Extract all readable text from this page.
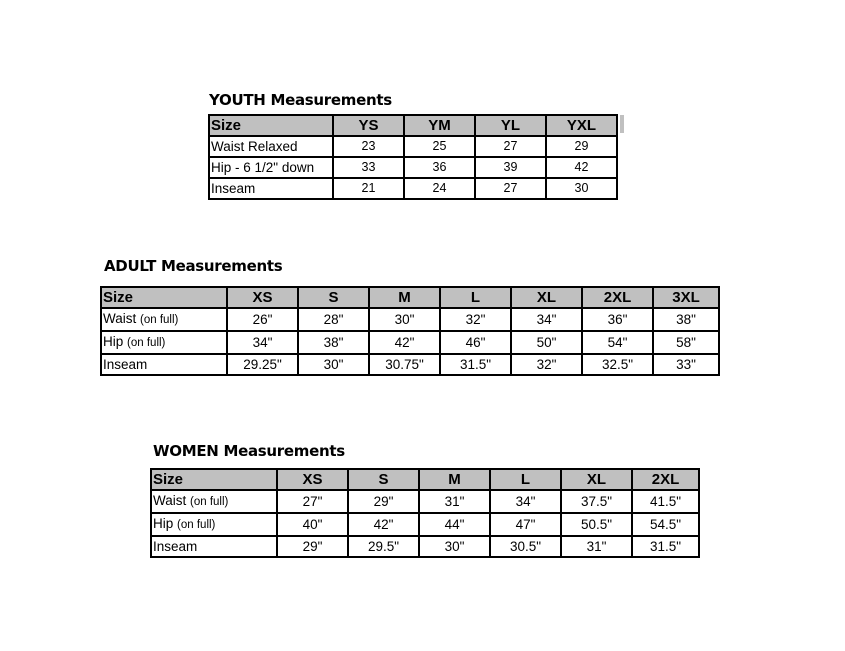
YOUTH Measurements
Size	YS	YM	YL	YXL
Waist Relaxed	23	25	27	29
Hip - 6 1/2" down	33	36	39	42
Inseam	21	24	27	30
ADULT Measurements
Size	XS	S	M	L	XL	2XL	3XL
Waist (on full)	26"	28"	30"	32"	34"	36"	38"
Hip (on full)	34"	38"	42"	46"	50"	54"	58"
Inseam	29.25"	30"	30.75"	31.5"	32"	32.5"	33"
WOMEN Measurements
Size	XS	S	M	L	XL	2XL
Waist (on full)	27"	29"	31"	34"	37.5"	41.5"
Hip (on full)	40"	42"	44"	47"	50.5"	54.5"
Inseam	29"	29.5"	30"	30.5"	31"	31.5"
